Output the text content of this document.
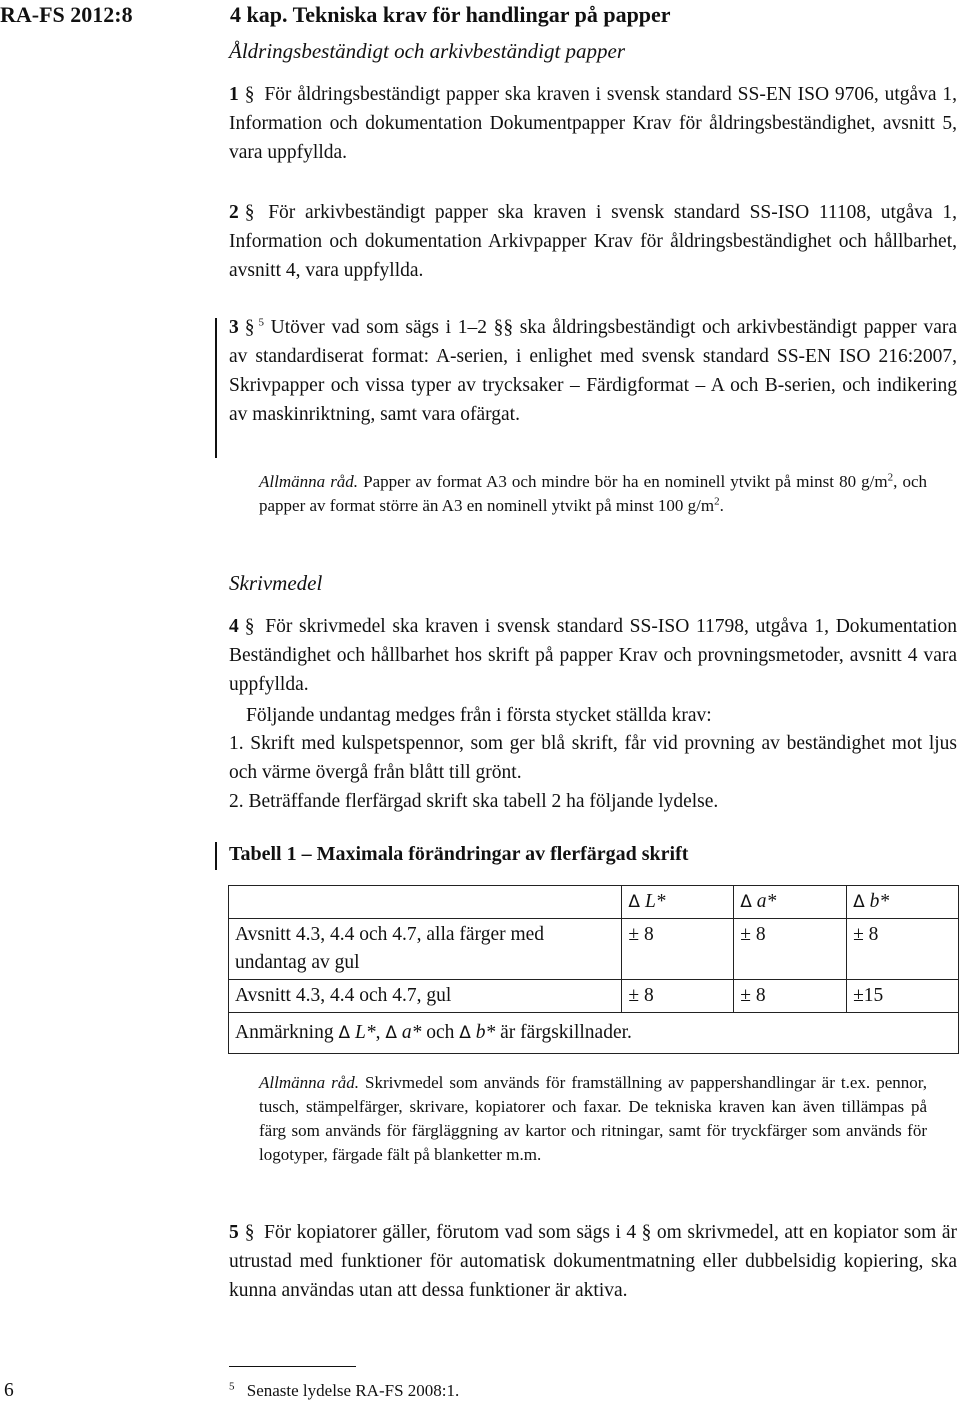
RA-FS 2012:8	4 kap. Tekniska krav för handlingar på papper
Åldringsbeständigt och arkivbeständigt papper

1 § För åldringsbeständigt papper ska kraven i svensk standard SS-EN ISO 9706, utgåva 1, Information och dokumentation Dokumentpapper Krav för åldringsbeständighet, avsnitt 5, vara uppfyllda.

2 § För arkivbeständigt papper ska kraven i svensk standard SS-ISO 11108, utgåva 1, Information och dokumentation Arkivpapper Krav för åldringsbeständighet och hållbarhet, avsnitt 4, vara uppfyllda.

3 § $^5$ Utöver vad som sägs i 1–2 §§ ska åldringsbeständigt och arkivbeständigt papper vara av standardiserat format: A-serien, i enlighet med svensk standard SS-EN ISO 216:2007, Skrivpapper och vissa typer av trycksaker – Färdigformat – A och B-serien, och indikering av maskinriktning, samt vara ofärgat.

Allmänna råd. Papper av format A3 och mindre bör ha en nominell ytvikt på minst 80 $g/m^2$, och papper av format större än A3 en nominell ytvikt på minst 100 $g/m^2$.

Skrivmedel

4 § För skrivmedel ska kraven i svensk standard SS-ISO 11798, utgåva 1, Dokumentation Beständighet och hållbarhet hos skrift på papper Krav och provningsmetoder, avsnitt 4 vara uppfyllda.

Följande undantag medges från i första stycket ställda krav:

1. Skrift med kulspetspennor, som ger blå skrift, får vid provning av beständighet mot ljus och värme övergå från blått till grönt.

2. Beträffande flerfärgad skrift ska tabell 2 ha följande lydelse.

Tabell 1 – Maximala förändringar av flerfärgad skrift
	Δ L*	Δ a*	Δ b*
Avsnitt 4.3, 4.4 och 4.7, alla färger med undantag av gul	± 8	± 8	± 8
Avsnitt 4.3, 4.4 och 4.7, gul	± 8	± 8	±15
Anmärkning Δ L*, Δ a* och Δ b* är färgskillnader.			

Allmänna råd. Skrivmedel som används för framställning av pappershandlingar är t.ex. pennor, tusch, stämpelfärger, skrivare, kopiatorer och faxar. De tekniska kraven kan även tillämpas på färg som används för färgläggning av kartor och ritningar, samt för tryckfärger som används för logotyper, färgade fält på blanketter m.m.

5 § För kopiatorer gäller, förutom vad som sägs i 4 § om skrivmedel, att en kopiator som är utrustad med funktioner för automatisk dokumentmatning eller dubbelsidig kopiering, ska kunna användas utan att dessa funktioner är aktiva.

6	$^5$ Senaste lydelse RA-FS 2008:1.
